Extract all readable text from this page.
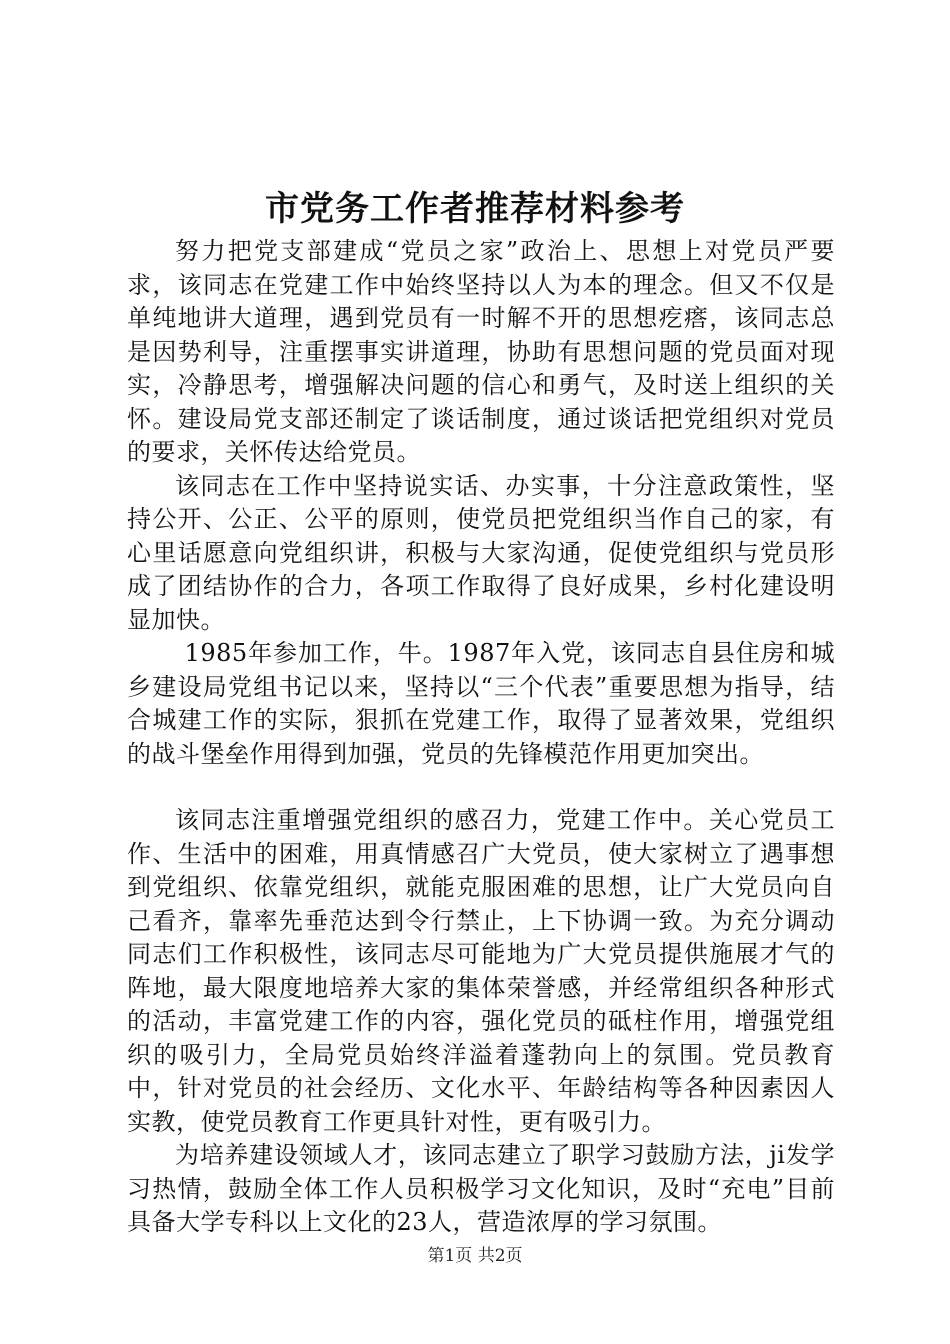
市党务工作者推荐材料参考

努力把党支部建成“党员之家”政治上、思想上对党员严要求，该同志在党建工作中始终坚持以人为本的理念。但又不仅是单纯地讲大道理，遇到党员有一时解不开的思想疙瘩，该同志总是因势利导，注重摆事实讲道理，协助有思想问题的党员面对现实，冷静思考，增强解决问题的信心和勇气，及时送上组织的关怀。建设局党支部还制定了谈话制度，通过谈话把党组织对党员的要求，关怀传达给党员。

该同志在工作中坚持说实话、办实事，十分注意政策性，坚持公开、公正、公平的原则，使党员把党组织当作自己的家，有心里话愿意向党组织讲，积极与大家沟通，促使党组织与党员形成了团结协作的合力，各项工作取得了良好成果，乡村化建设明显加快。

1985年参加工作，牛。1987年入党，该同志自县住房和城乡建设局党组书记以来，坚持以“三个代表”重要思想为指导，结合城建工作的实际，狠抓在党建工作，取得了显著效果，党组织的战斗堡垒作用得到加强，党员的先锋模范作用更加突出。

该同志注重增强党组织的感召力，党建工作中。关心党员工作、生活中的困难，用真情感召广大党员，使大家树立了遇事想到党组织、依靠党组织，就能克服困难的思想，让广大党员向自己看齐，靠率先垂范达到令行禁止，上下协调一致。为充分调动同志们工作积极性，该同志尽可能地为广大党员提供施展才气的阵地，最大限度地培养大家的集体荣誉感，并经常组织各种形式的活动，丰富党建工作的内容，强化党员的砥柱作用，增强党组织的吸引力，全局党员始终洋溢着蓬勃向上的氛围。党员教育中，针对党员的社会经历、文化水平、年龄结构等各种因素因人实教，使党员教育工作更具针对性，更有吸引力。

为培养建设领域人才，该同志建立了职学习鼓励方法，ji发学习热情，鼓励全体工作人员积极学习文化知识，及时“充电”目前具备大学专科以上文化的23人，营造浓厚的学习氛围。

第1页 共2页
